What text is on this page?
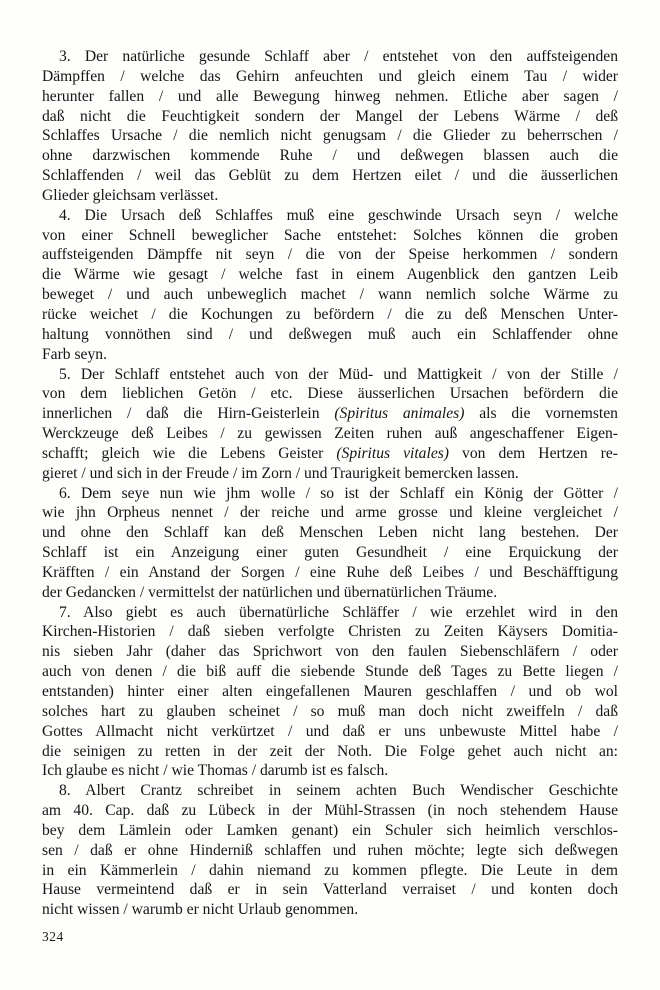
3. Der natürliche gesunde Schlaff aber / entstehet von den auffsteigenden
Dämpffen / welche das Gehirn anfeuchten und gleich einem Tau / wider
herunter fallen / und alle Bewegung hinweg nehmen. Etliche aber sagen /
daß nicht die Feuchtigkeit sondern der Mangel der Lebens Wärme / deß
Schlaffes Ursache / die nemlich nicht genugsam / die Glieder zu beherrschen /
ohne darzwischen kommende Ruhe / und deßwegen blassen auch die
Schlaffenden / weil das Geblüt zu dem Hertzen eilet / und die äusserlichen
Glieder gleichsam verlässet.
4. Die Ursach deß Schlaffes muß eine geschwinde Ursach seyn / welche
von einer Schnell beweglicher Sache entstehet: Solches können die groben
auffsteigenden Dämpffe nit seyn / die von der Speise herkommen / sondern
die Wärme wie gesagt / welche fast in einem Augenblick den gantzen Leib
beweget / und auch unbeweglich machet / wann nemlich solche Wärme zu
rücke weichet / die Kochungen zu befördern / die zu deß Menschen Unter-
haltung vonnöthen sind / und deßwegen muß auch ein Schlaffender ohne
Farb seyn.
5. Der Schlaff entstehet auch von der Müd- und Mattigkeit / von der Stille /
von dem lieblichen Getön / etc. Diese äusserlichen Ursachen befördern die
innerlichen / daß die Hirn-Geisterlein (Spiritus animales) als die vornemsten
Werckzeuge deß Leibes / zu gewissen Zeiten ruhen auß angeschaffener Eigen-
schafft; gleich wie die Lebens Geister (Spiritus vitales) von dem Hertzen re-
gieret / und sich in der Freude / im Zorn / und Traurigkeit bemercken lassen.
6. Dem seye nun wie jhm wolle / so ist der Schlaff ein König der Götter /
wie jhn Orpheus nennet / der reiche und arme grosse und kleine vergleichet /
und ohne den Schlaff kan deß Menschen Leben nicht lang bestehen. Der
Schlaff ist ein Anzeigung einer guten Gesundheit / eine Erquickung der
Kräfften / ein Anstand der Sorgen / eine Ruhe deß Leibes / und Beschäfftigung
der Gedancken / vermittelst der natürlichen und übernatürlichen Träume.
7. Also giebt es auch übernatürliche Schläffer / wie erzehlet wird in den
Kirchen-Historien / daß sieben verfolgte Christen zu Zeiten Käysers Domitia-
nis sieben Jahr (daher das Sprichwort von den faulen Siebenschläfern / oder
auch von denen / die biß auff die siebende Stunde deß Tages zu Bette liegen /
entstanden) hinter einer alten eingefallenen Mauren geschlaffen / und ob wol
solches hart zu glauben scheinet / so muß man doch nicht zweiffeln / daß
Gottes Allmacht nicht verkürtzet / und daß er uns unbewuste Mittel habe /
die seinigen zu retten in der zeit der Noth. Die Folge gehet auch nicht an:
Ich glaube es nicht / wie Thomas / darumb ist es falsch.
8. Albert Crantz schreibet in seinem achten Buch Wendischer Geschichte
am 40. Cap. daß zu Lübeck in der Mühl-Strassen (in noch stehendem Hause
bey dem Lämlein oder Lamken genant) ein Schuler sich heimlich verschlos-
sen / daß er ohne Hinderniß schlaffen und ruhen möchte; legte sich deßwegen
in ein Kämmerlein / dahin niemand zu kommen pflegte. Die Leute in dem
Hause vermeintend daß er in sein Vatterland verraiset / und konten doch
nicht wissen / warumb er nicht Urlaub genommen.
324
